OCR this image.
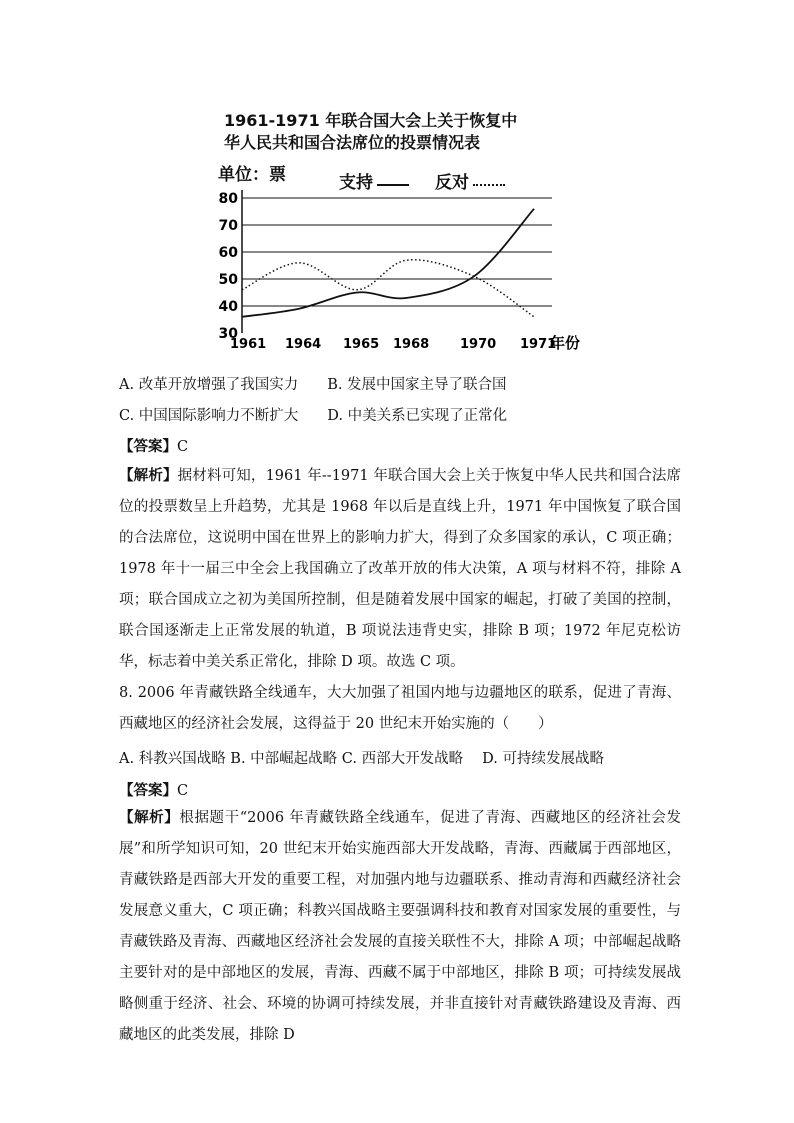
1961-1971 年联合国大会上关于恢复中
华人民共和国合法席位的投票情况表
单位：票	支持	反对
30
40
50
60
70
80
1961 1964 1965 1968 1970 1971
年份
A. 改革开放增强了我国实力　　B. 发展中国家主导了联合国
C. 中国国际影响力不断扩大　　D. 中美关系已实现了正常化
【答案】C
【解析】据材料可知，1961 年--1971 年联合国大会上关于恢复中华人民共和国合法席位的投票数呈上升趋势，尤其是 1968 年以后是直线上升，1971 年中国恢复了联合国的合法席位，这说明中国在世界上的影响力扩大，得到了众多国家的承认，C 项正确；1978 年十一届三中全会上我国确立了改革开放的伟大决策，A 项与材料不符，排除 A 项；联合国成立之初为美国所控制，但是随着发展中国家的崛起，打破了美国的控制，联合国逐渐走上正常发展的轨道，B 项说法违背史实，排除 B 项；1972 年尼克松访华，标志着中美关系正常化，排除 D 项。故选 C 项。
8. 2006 年青藏铁路全线通车，大大加强了祖国内地与边疆地区的联系，促进了青海、西藏地区的经济社会发展，这得益于 20 世纪末开始实施的（　　）
A. 科教兴国战略 B. 中部崛起战略 C. 西部大开发战略　 D. 可持续发展战略
【答案】C
【解析】根据题干“2006 年青藏铁路全线通车，促进了青海、西藏地区的经济社会发展”和所学知识可知，20 世纪末开始实施西部大开发战略，青海、西藏属于西部地区，青藏铁路是西部大开发的重要工程，对加强内地与边疆联系、推动青海和西藏经济社会发展意义重大，C 项正确；科教兴国战略主要强调科技和教育对国家发展的重要性，与青藏铁路及青海、西藏地区经济社会发展的直接关联性不大，排除 A 项；中部崛起战略主要针对的是中部地区的发展，青海、西藏不属于中部地区，排除 B 项；可持续发展战略侧重于经济、社会、环境的协调可持续发展，并非直接针对青藏铁路建设及青海、西藏地区的此类发展，排除 D
